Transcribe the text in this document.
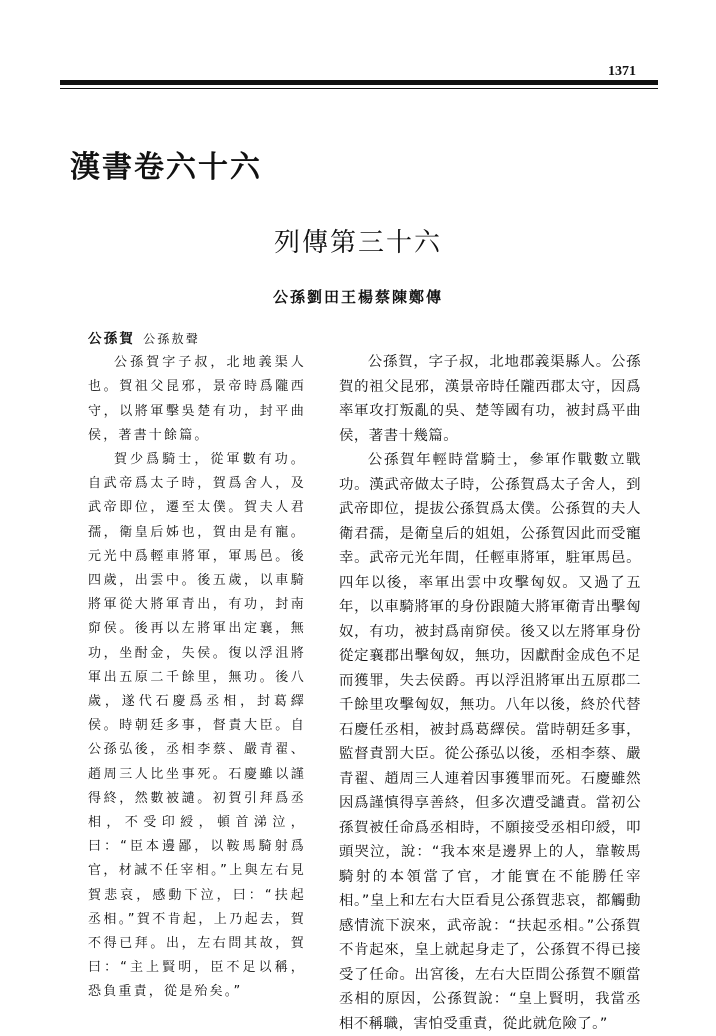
1371
漢書卷六十六
列傳第三十六
公孫劉田王楊蔡陳鄭傳
公孫賀 公孫敖聲

公孫賀字子叔，北地義渠人也。賀祖父昆邪，景帝時爲隴西守，以將軍擊吳楚有功，封平曲侯，著書十餘篇。

賀少爲騎士，從軍數有功。自武帝爲太子時，賀爲舍人，及武帝即位，遷至太僕。賀夫人君孺，衛皇后姊也，賀由是有寵。元光中爲輕車將軍，軍馬邑。後四歲，出雲中。後五歲，以車騎將軍從大將軍青出，有功，封南窌侯。後再以左將軍出定襄，無功，坐酎金，失侯。復以浮沮將軍出五原二千餘里，無功。後八歲，遂代石慶爲丞相，封葛繹侯。時朝廷多事，督責大臣。自公孫弘後，丞相李蔡、嚴青翟、趙周三人比坐事死。石慶雖以謹得終，然數被譴。初賀引拜爲丞相，不受印綬，頓首涕泣，曰：“臣本邊鄙，以鞍馬騎射爲官，材誠不任宰相。”上與左右見賀悲哀，感動下泣，曰：“扶起丞相。”賀不肯起，上乃起去，賀不得已拜。出，左右問其故，賀曰：“主上賢明，臣不足以稱，恐負重責，從是殆矣。”

公孫賀，字子叔，北地郡義渠縣人。公孫賀的祖父昆邪，漢景帝時任隴西郡太守，因爲率軍攻打叛亂的吳、楚等國有功，被封爲平曲侯，著書十幾篇。

公孫賀年輕時當騎士，參軍作戰數立戰功。漢武帝做太子時，公孫賀爲太子舍人，到武帝即位，提拔公孫賀爲太僕。公孫賀的夫人衛君孺，是衛皇后的姐姐，公孫賀因此而受寵幸。武帝元光年間，任輕車將軍，駐軍馬邑。四年以後，率軍出雲中攻擊匈奴。又過了五年，以車騎將軍的身份跟隨大將軍衛青出擊匈奴，有功，被封爲南窌侯。後又以左將軍身份從定襄郡出擊匈奴，無功，因獻酎金成色不足而獲罪，失去侯爵。再以浮沮將軍出五原郡二千餘里攻擊匈奴，無功。八年以後，終於代替石慶任丞相，被封爲葛繹侯。當時朝廷多事，監督責罰大臣。從公孫弘以後，丞相李蔡、嚴青翟、趙周三人連着因事獲罪而死。石慶雖然因爲謹慎得享善終，但多次遭受譴責。當初公孫賀被任命爲丞相時，不願接受丞相印綬，叩頭哭泣，說：“我本來是邊界上的人，靠鞍馬騎射的本領當了官，才能實在不能勝任宰相。”皇上和左右大臣看見公孫賀悲哀，都觸動感情流下淚來，武帝說：“扶起丞相。”公孫賀不肯起來，皇上就起身走了，公孫賀不得已接受了任命。出宮後，左右大臣問公孫賀不願當丞相的原因，公孫賀說：“皇上賢明，我當丞相不稱職，害怕受重責，從此就危險了。”
